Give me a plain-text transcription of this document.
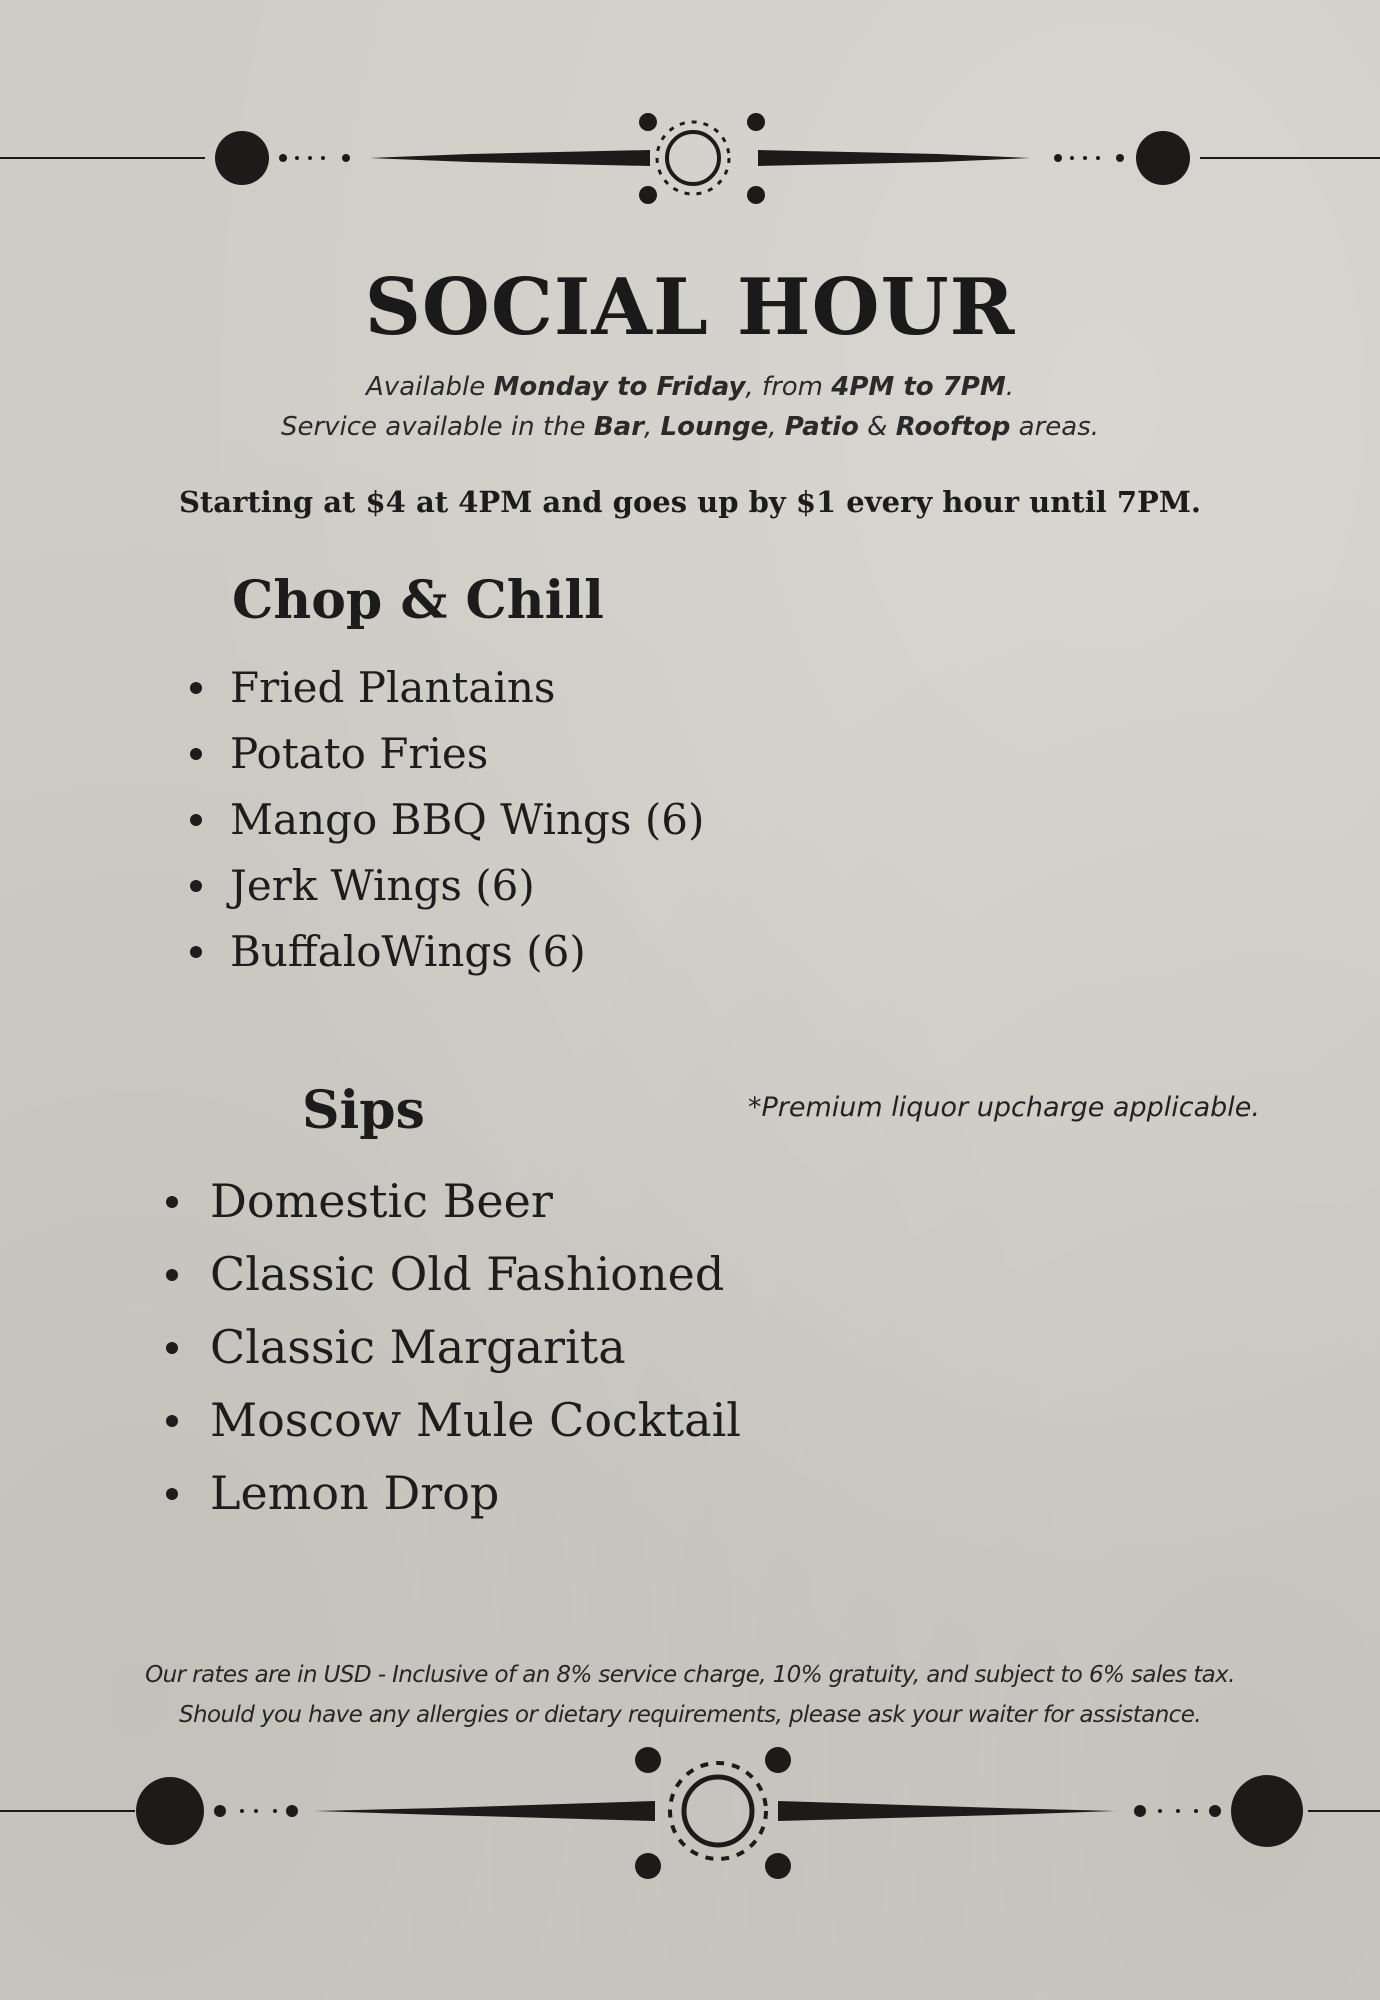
SOCIAL HOUR
Available Monday to Friday, from 4PM to 7PM.
Service available in the Bar, Lounge, Patio & Rooftop areas.
Starting at $4 at 4PM and goes up by $1 every hour until 7PM.
Chop & Chill
Fried Plantains
Potato Fries
Mango BBQ Wings (6)
Jerk Wings (6)
BuffaloWings (6)
Sips	*Premium liquor upcharge applicable.
Domestic Beer
Classic Old Fashioned
Classic Margarita
Moscow Mule Cocktail
Lemon Drop
Our rates are in USD - Inclusive of an 8% service charge, 10% gratuity, and subject to 6% sales tax.
Should you have any allergies or dietary requirements, please ask your waiter for assistance.
